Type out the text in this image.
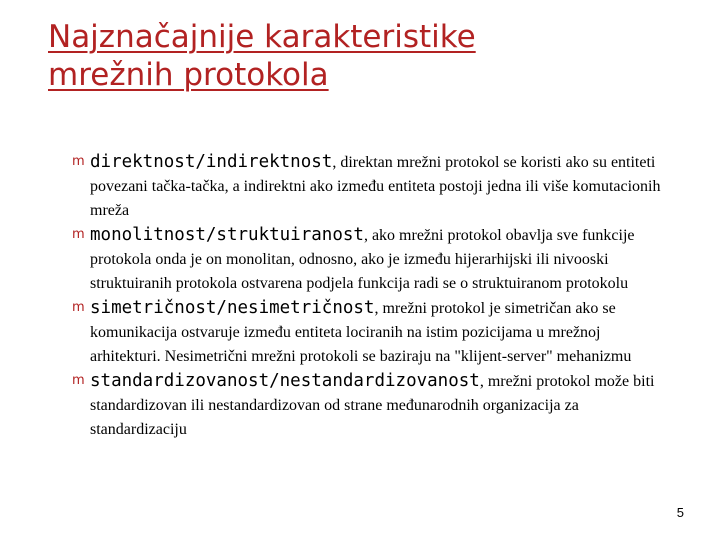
Najznačajnije karakteristike
mrežnih protokola
m direktnost/indirektnost, direktan mrežni protokol se koristi ako su entiteti povezani tačka-tačka, a indirektni ako između entiteta postoji jedna ili više komutacionih mreža

m monolitnost/struktuiranost, ako mrežni protokol obavlja sve funkcije protokola onda je on monolitan, odnosno, ako je između hijerarhijski ili nivooski struktuiranih protokola ostvarena podjela funkcija radi se o struktuiranom protokolu

m simetričnost/nesimetričnost, mrežni protokol je simetričan ako se komunikacija ostvaruje između entiteta lociranih na istim pozicijama u mrežnoj arhitekturi. Nesimetrični mrežni protokoli se baziraju na "klijent-server" mehanizmu

m standardizovanost/nestandardizovanost, mrežni protokol može biti standardizovan ili nestandardizovan od strane međunarodnih organizacija za standardizaciju

5
